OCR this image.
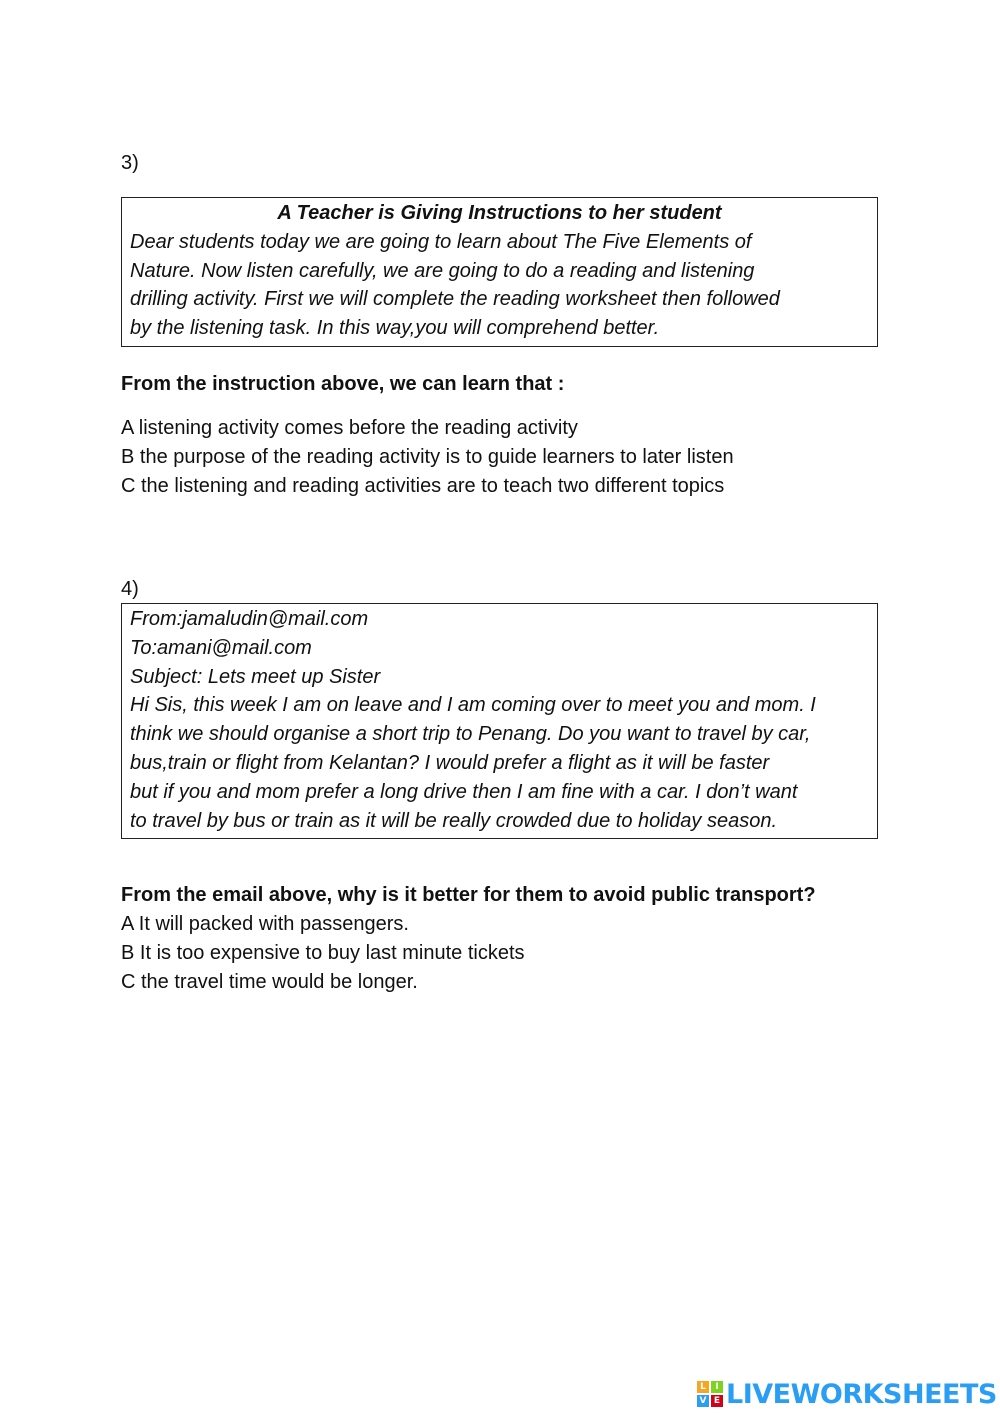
3)
A Teacher is Giving Instructions to her student
Dear students today we are going to learn about The Five Elements of
Nature. Now listen carefully, we are going to do a reading and listening
drilling activity. First we will complete the reading worksheet then followed
by the listening task. In this way,you will comprehend better.
From the instruction above, we can learn that :
A listening activity comes before the reading activity
B the purpose of the reading activity is to guide learners to later listen
C the listening and reading activities are to teach two different topics
4)
From:jamaludin@mail.com
To:amani@mail.com
Subject: Lets meet up Sister
Hi Sis, this week I am on leave and I am coming over to meet you and mom. I
think we should organise a short trip to Penang. Do you want to travel by car,
bus,train or flight from Kelantan? I would prefer a flight as it will be faster
but if you and mom prefer a long drive then I am fine with a car. I don’t want
to travel by bus or train as it will be really crowded due to holiday season.
From the email above, why is it better for them to avoid public transport?
A It will packed with passengers.
B It is too expensive to buy last minute tickets
C the travel time would be longer.
L	I
V E LIVEWORKSHEETS
